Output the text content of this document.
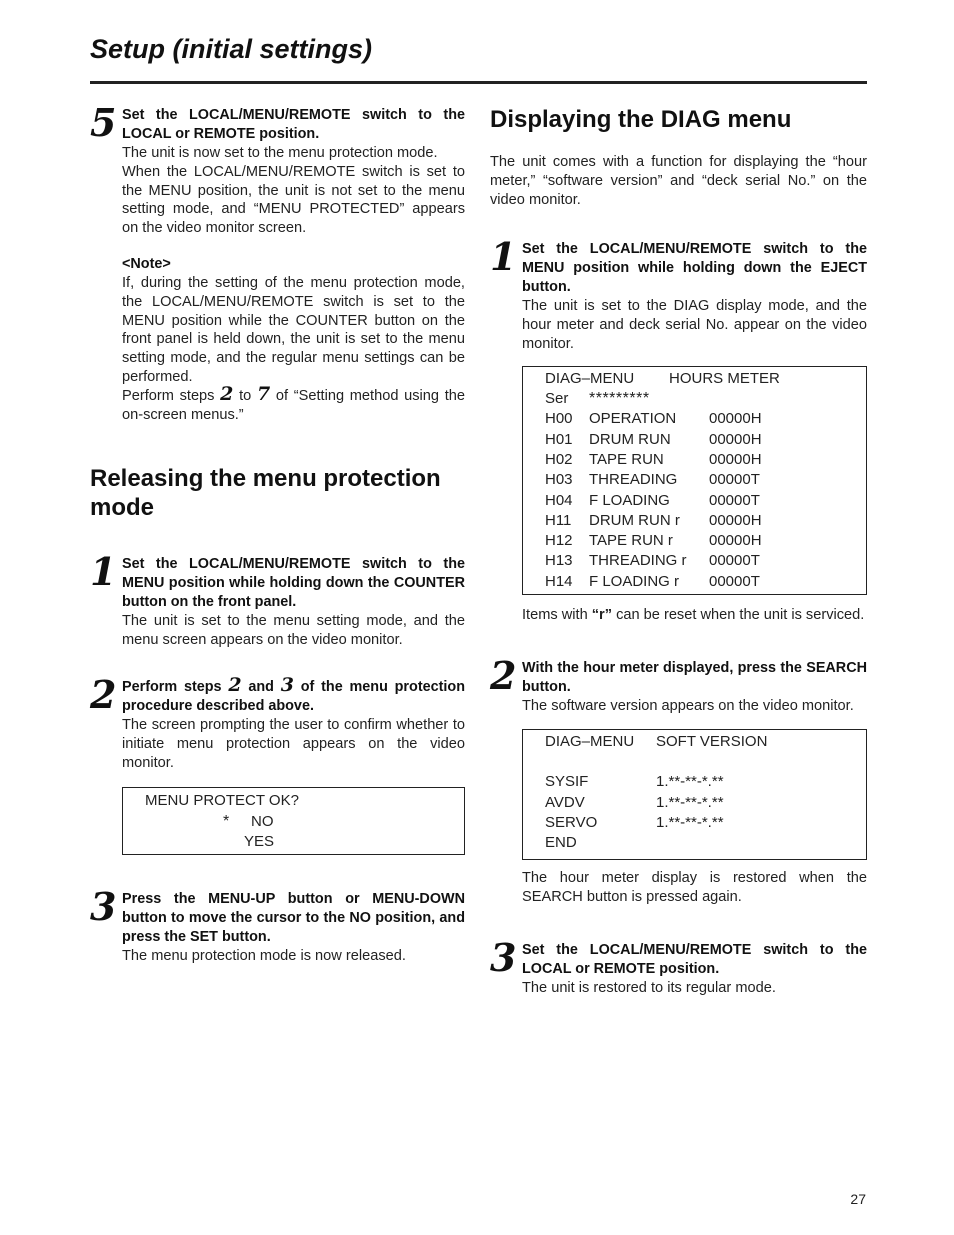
Setup (initial settings)
5 Set the LOCAL/MENU/REMOTE switch to the LOCAL or REMOTE position.

The unit is now set to the menu protection mode.

When the LOCAL/MENU/REMOTE switch is set to the MENU position, the unit is not set to the menu setting mode, and “MENU PROTECTED” appears on the video monitor screen.

<Note>

If, during the setting of the menu protection mode, the LOCAL/MENU/REMOTE switch is set to the MENU position while the COUNTER button on the front panel is held down, the unit is set to the menu setting mode, and the regular menu settings can be performed.

Perform steps 2 to 7 of “Setting method using the on-screen menus.”

Releasing the menu protection mode
1 Set the LOCAL/MENU/REMOTE switch to the MENU position while holding down the COUNTER button on the front panel.

The unit is set to the menu setting mode, and the menu screen appears on the video monitor.

2 Perform steps 2 and 3 of the menu protection procedure described above.

The screen prompting the user to confirm whether to initiate menu protection appears on the video monitor.

MENU PROTECT OK?
* NO
YES
3 Press the MENU-UP button or MENU-DOWN button to move the cursor to the NO position, and press the SET button.

The menu protection mode is now released.

Displaying the DIAG menu

The unit comes with a function for displaying the “hour meter,” “software version” and “deck serial No.” on the video monitor.

1 Set the LOCAL/MENU/REMOTE switch to the MENU position while holding down the EJECT button.

The unit is set to the DIAG display mode, and the hour meter and deck serial No. appear on the video monitor.

DIAG–MENU HOURS METER
Ser *********
H00 OPERATION 00000H
H01 DRUM RUN	00000H
H02 TAPE RUN	00000H
H03 THREADING 00000T
H04 F LOADING	00000T
H11 DRUM RUN r 00000H
H12 TAPE RUN r 00000H
H13 THREADING r 00000T
H14 F LOADING r 00000T

Items with “r” can be reset when the unit is serviced.

2 With the hour meter displayed, press the SEARCH button.

The software version appears on the video monitor.

DIAG–MENU SOFT VERSION
SYSIF	1.**-**-*.**
AVDV	1.**-**-*.**
SERVO	1.**-**-*.**
END

The hour meter display is restored when the SEARCH button is pressed again.

3 Set the LOCAL/MENU/REMOTE switch to the LOCAL or REMOTE position.

The unit is restored to its regular mode.

27
